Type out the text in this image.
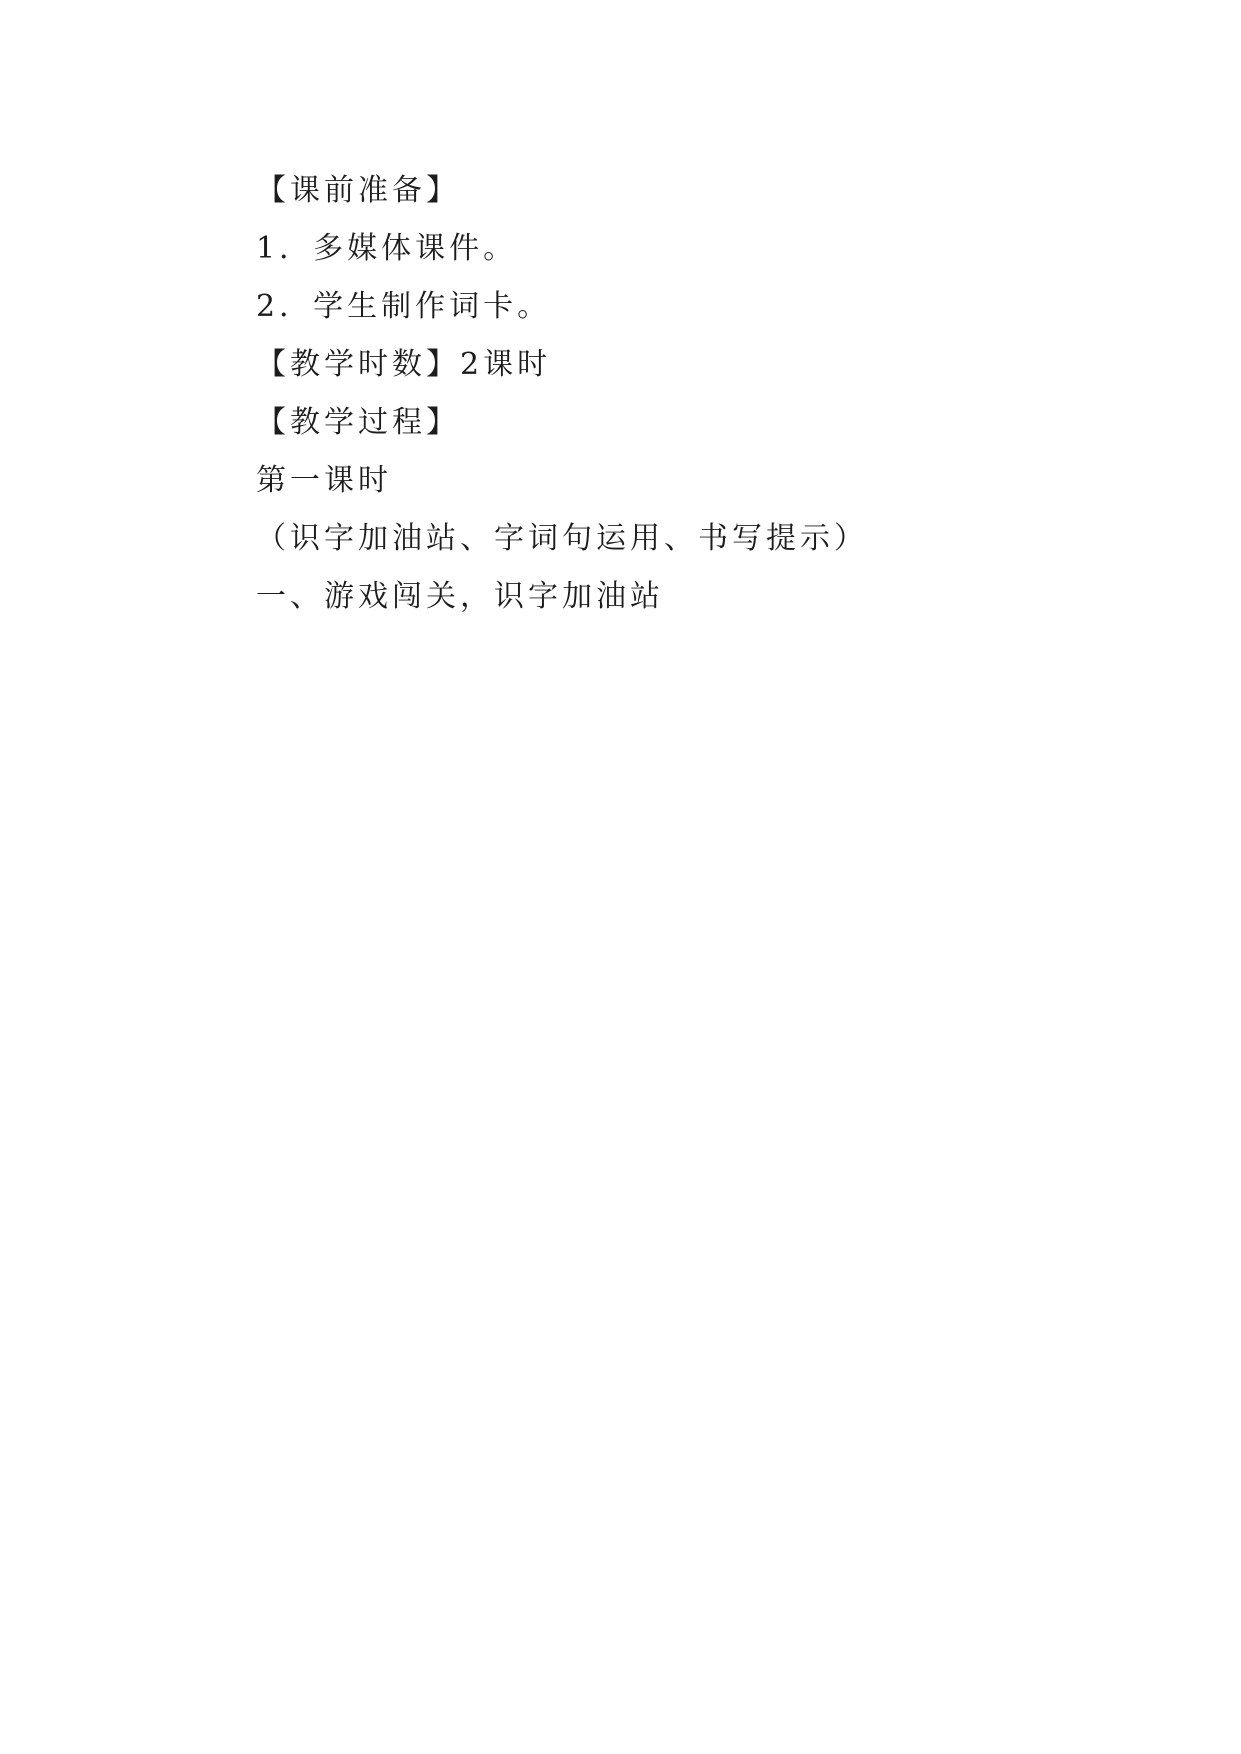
【课前准备】

1．多媒体课件。

2．学生制作词卡。

【教学时数】2课时

【教学过程】

第一课时

（识字加油站、字词句运用、书写提示）

一、游戏闯关，识字加油站
